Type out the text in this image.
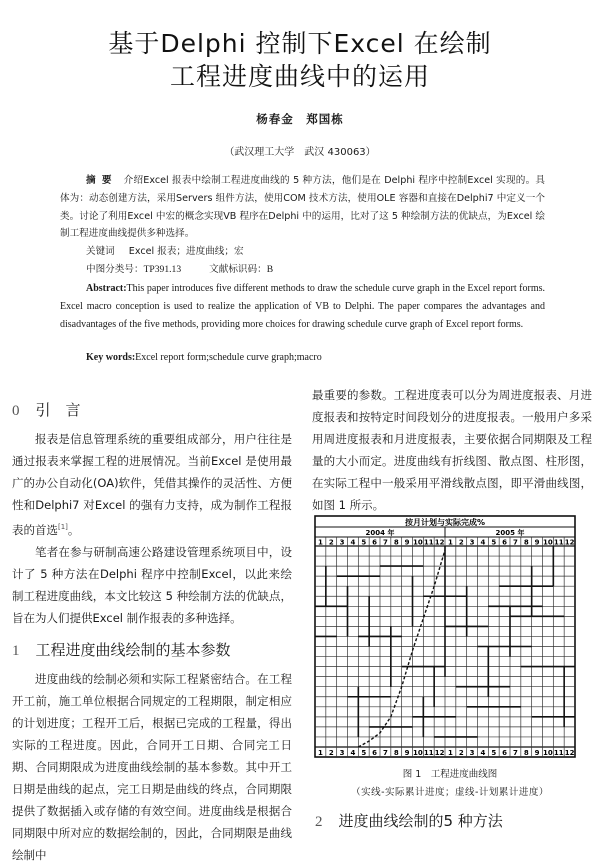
基于Delphi 控制下Excel 在绘制
工程进度曲线中的运用
杨春金　郑国栋
（武汉理工大学　武汉 430063）
摘要 介绍Excel 报表中绘制工程进度曲线的 5 种方法，他们是在 Delphi 程序中控制Excel 实现的。具体为：动态创建方法，采用Servers 组件方法，使用COM 技术方法，使用OLE 容器和直接在Delphi7 中定义一个类。讨论了利用Excel 中宏的概念实现VB 程序在Delphi 中的运用，比对了这 5 种绘制方法的优缺点，为Excel 绘制工程进度曲线提供多种选择。
关键词 Excel 报表；进度曲线；宏
中图分类号：TP391.13	文献标识码：B
Abstract:This paper introduces five different methods to draw the schedule curve graph in the Excel report forms. Excel macro conception is used to realize the application of VB to Delphi. The paper compares the advantages and disadvantages of the five methods, providing more choices for drawing schedule curve graph of Excel report forms.
Key words:Excel report form;schedule curve graph;macro
0 引　言

报表是信息管理系统的重要组成部分，用户往往是通过报表来掌握工程的进展情况。当前Excel 是使用最广的办公自动化(OA)软件，凭借其操作的灵活性、方便性和Delphi7 对Excel 的强有力支持，成为制作工程报表的首选[1]。

笔者在参与研制高速公路建设管理系统项目中，设计了 5 种方法在Delphi 程序中控制Excel，以此来绘制工程进度曲线，本文比较这 5 种绘制方法的优缺点，旨在为人们提供Excel 制作报表的多种选择。

1 工程进度曲线绘制的基本参数

进度曲线的绘制必须和实际工程紧密结合。在工程开工前，施工单位根据合同规定的工程期限，制定相应的计划进度；工程开工后，根据已完成的工程量，得出实际的工程进度。因此，合同开工日期、合同完工日期、合同期限成为进度曲线绘制的基本参数。其中开工日期是曲线的起点，完工日期是曲线的终点，合同期限提供了数据插入或存储的有效空间。进度曲线是根据合同期限中所对应的数据绘制的，因此，合同期限是曲线绘制中

最重要的参数。工程进度表可以分为周进度报表、月进度报表和按特定时间段划分的进度报表。一般用户多采用周进度报表和月进度报表，主要依据合同期限及工程量的大小而定。进度曲线有折线图、散点图、柱形图，在实际工程中一般采用平滑线散点图，即平滑曲线图，如图 1 所示。

按月计划与实际完成%
2004 年	2005 年
1 2 3 4 5 6 7 8 9 10 11 12 1 2 3 4 5 6 7 8 9 10 11 12
1 2 3 4 5 6 7 8 9 10 11 12 1 2 3 4 5 6 7 8 9 10 11 12
图 1　工程进度曲线图
（实线-实际累计进度；虚线-计划累计进度）
2 进度曲线绘制的5 种方法
